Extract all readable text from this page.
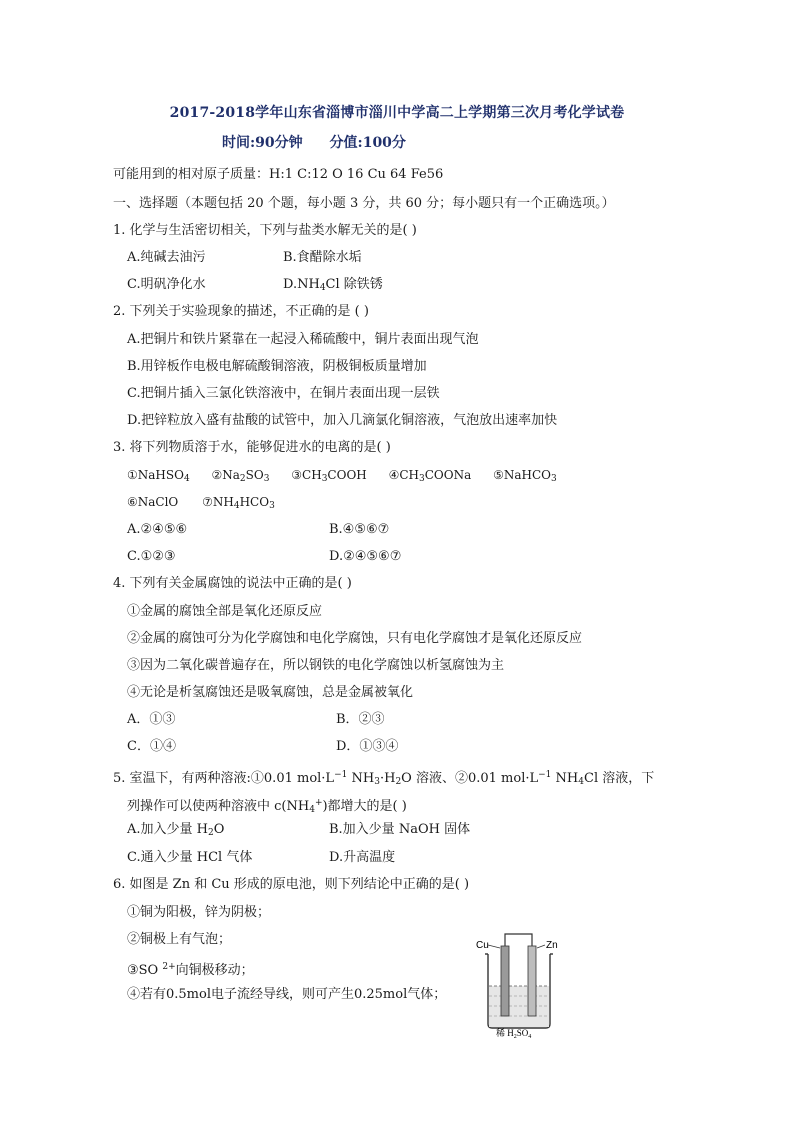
2017-2018学年山东省淄博市淄川中学高二上学期第三次月考化学试卷
时间:90分钟 分值:100分
可能用到的相对原子质量：H:1 C:12 O 16 Cu 64 Fe56
一、选择题（本题包括 20 个题，每小题 3 分，共 60 分；每小题只有一个正确选项。）
1. 化学与生活密切相关，下列与盐类水解无关的是( )
A.纯碱去油污	B.食醋除水垢
C.明矾净化水	$D.NH_4Cl$ 除铁锈
2. 下列关于实验现象的描述，不正确的是 ( )
A.把铜片和铁片紧靠在一起浸入稀硫酸中，铜片表面出现气泡
B.用锌板作电极电解硫酸铜溶液，阴极铜板质量增加
C.把铜片插入三氯化铁溶液中，在铜片表面出现一层铁
D.把锌粒放入盛有盐酸的试管中，加入几滴氯化铜溶液，气泡放出速率加快
3. 将下列物质溶于水，能够促进水的电离的是( )
①NaHSO$_4$ $②Na_2SO_3$ $③CH_3COOH$ $④CH_3COONa$ ⑤NaHCO$_3$
⑥NaClO $⑦NH_4HCO_3$
A.②④⑤⑥	B.④⑤⑥⑦
C.①②③	D.②④⑤⑥⑦
4. 下列有关金属腐蚀的说法中正确的是( )
①金属的腐蚀全部是氧化还原反应
②金属的腐蚀可分为化学腐蚀和电化学腐蚀，只有电化学腐蚀才是氧化还原反应
③因为二氧化碳普遍存在，所以钢铁的电化学腐蚀以析氢腐蚀为主
④无论是析氢腐蚀还是吸氧腐蚀，总是金属被氧化
A．①③	B．②③
C．①④	D．①③④
5. 室温下，有两种溶液:①0.01 $mol\cdot L^{-1}$ $NH_3\cdot H_2O$ 溶液、②0.01 $mol\cdot L^{-1}$ $NH_4Cl$ 溶液，下
列操作可以使两种溶液中 $c(NH_4^+)$都增大的是( )
A.加入少量 $H_2O$	B.加入少量 NaOH 固体
C.通入少量 HCl 气体	D.升高温度
6. 如图是 Zn 和 Cu 形成的原电池，则下列结论中正确的是( )
①铜为阳极，锌为阴极；
②铜极上有气泡；
③SO $^{2+}$向铜极移动；
④若有0.5mol电子流经导线，则可产生0.25mol气体；
Cu	Zn
稀 $H_2SO_4$
